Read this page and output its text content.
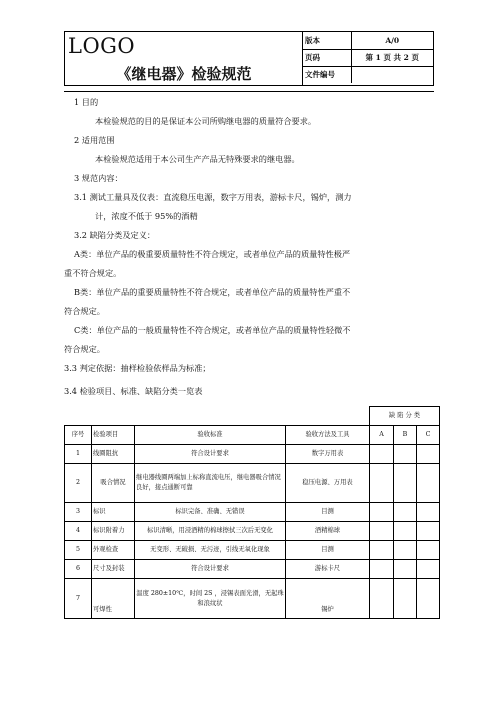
LOGO
《继电器》检验规范
版本	A/0
页码	第 1 页 共 2 页
文件编号	
1 目的
本检验规范的目的是保证本公司所购继电器的质量符合要求。
2 适用范围
本检验规范适用于本公司生产产品无特殊要求的继电器。
3 规范内容：
3.1 测试工量具及仪表：直流稳压电源，数字万用表，游标卡尺，锡炉，测力
计，浓度不低于 95%的酒精
3.2 缺陷分类及定义：
A类：单位产品的极重要质量特性不符合规定，或者单位产品的质量特性极严
重不符合规定。
B类：单位产品的重要质量特性不符合规定，或者单位产品的质量特性严重不
符合规定。
C类：单位产品的一般质量特性不符合规定，或者单位产品的质量特性轻微不
符合规定。
3.3 判定依据：抽样检验依样品为标准；
3.4 检验项目、标准、缺陷分类一览表
				缺 陷 分 类		
序号	检验项目	验收标准	验收方法及工具	A	B	C
1	线圈阻抗	符合设计要求	数字万用表			
2	吸合情况	继电器线圈两端加上标称直流电压，继电器吸合情况良好，接点通断可靠	稳压电源、万用表			
3	标识	标识完备、准确、无错误	目测			
4	标识附着力	标识清晰，用浸酒精的棉球擦拭三次后无变化	酒精棉球			
5	外观检查	无变形、无破损、无污迹，引线无氧化现象	目测			
6	尺寸及封装	符合设计要求	游标卡尺			
7	可焊性	温度 280±10℃，时间 2S ，浸锡表面光滑，无起珠和浪纹状	锡炉			
